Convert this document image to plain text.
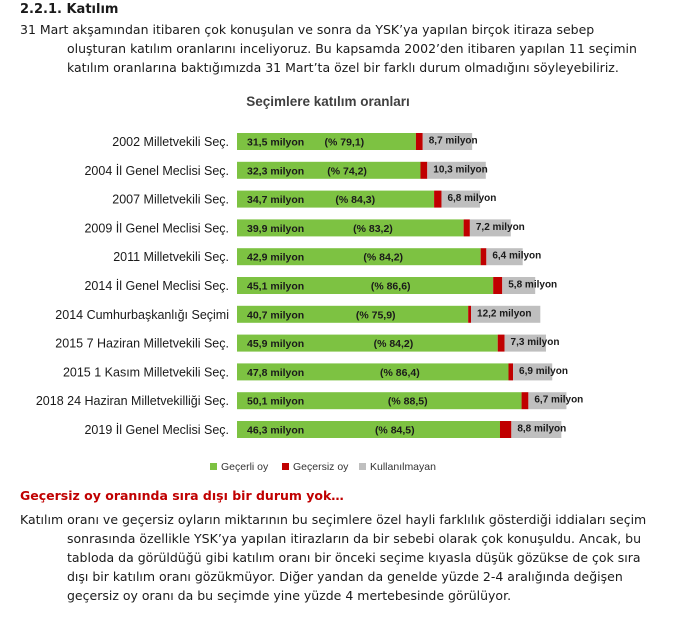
2.2.1. Katılım
31 Mart akşamından itibaren çok konuşulan ve sonra da YSK’ya yapılan birçok itiraza sebep
oluşturan katılım oranlarını inceliyoruz. Bu kapsamda 2002’den itibaren yapılan 11 seçimin
katılım oranlarına baktığımızda 31 Mart’ta özel bir farklı durum olmadığını söyleyebiliriz.
Seçimlere katılım oranları
2002 Milletvekili Seç. 31,5 milyon (% 79,1)	8,7 milyon
2004 İl Genel Meclisi Seç. 32,3 milyon (% 74,2)	10,3 milyon
2007 Milletvekili Seç. 34,7 milyon	(% 84,3)	6,8 milyon
2009 İl Genel Meclisi Seç. 39,9 milyon	(% 83,2)	7,2 milyon
2011 Milletvekili Seç. 42,9 milyon	(% 84,2)	6,4 milyon
2014 İl Genel Meclisi Seç. 45,1 milyon	(% 86,6)	5,8 milyon
2014 Cumhurbaşkanlığı Seçimi 40,7 milyon	(% 75,9)	12,2 milyon
2015 7 Haziran Milletvekili Seç. 45,9 milyon	(% 84,2)	7,3 milyon
2015 1 Kasım Milletvekili Seç. 47,8 milyon	(% 86,4)	6,9 milyon
2018 24 Haziran Milletvekilliği Seç. 50,1 milyon	(% 88,5)	6,7 milyon
2019 İl Genel Meclisi Seç. 46,3 milyon	(% 84,5)	8,8 milyon
Geçerli oy Geçersiz oy Kullanılmayan
Geçersiz oy oranında sıra dışı bir durum yok…
Katılım oranı ve geçersiz oyların miktarının bu seçimlere özel hayli farklılık gösterdiği iddiaları seçim
sonrasında özellikle YSK’ya yapılan itirazların da bir sebebi olarak çok konuşuldu. Ancak, bu
tabloda da görüldüğü gibi katılım oranı bir önceki seçime kıyasla düşük gözükse de çok sıra
dışı bir katılım oranı gözükmüyor. Diğer yandan da genelde yüzde 2-4 aralığında değişen
geçersiz oy oranı da bu seçimde yine yüzde 4 mertebesinde görülüyor.
